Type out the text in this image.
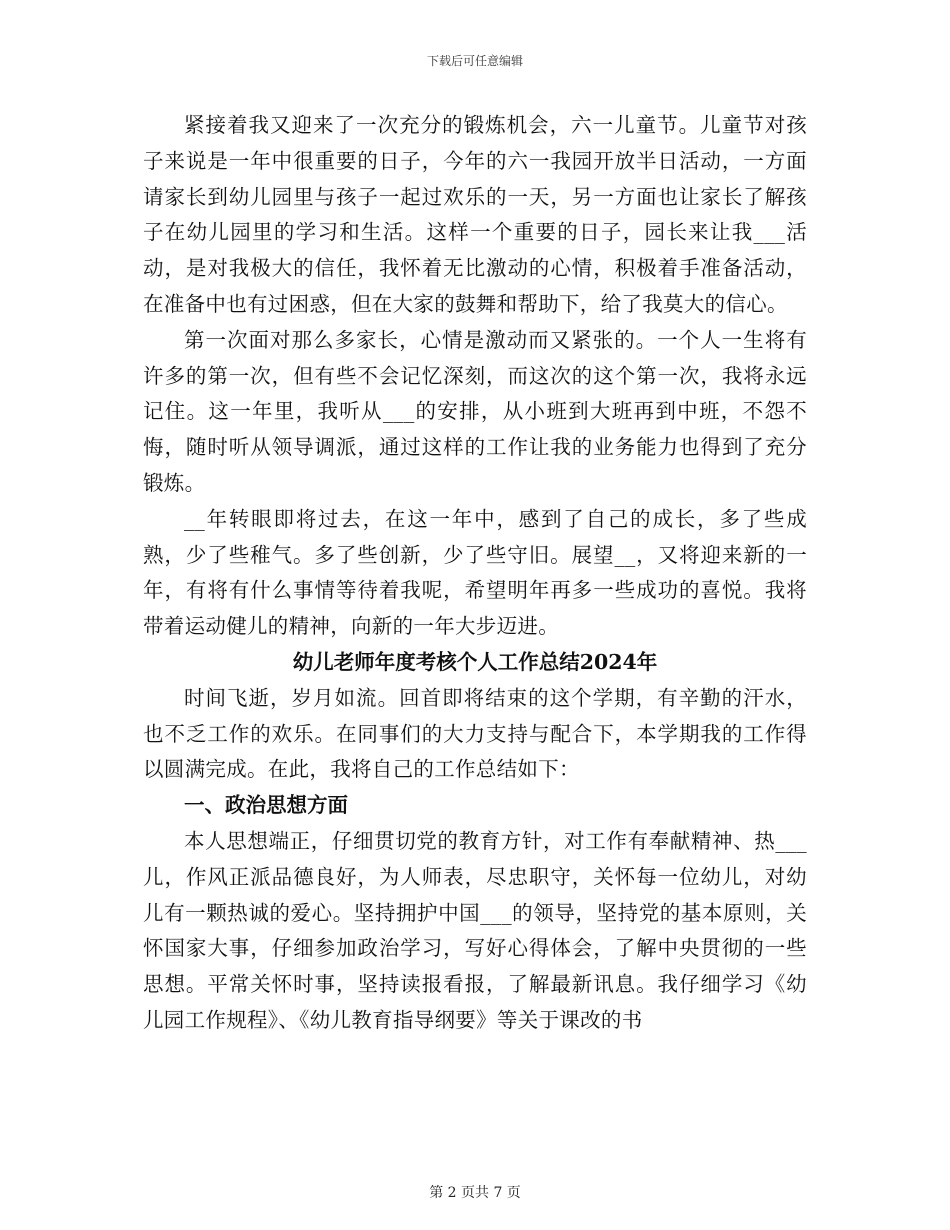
下载后可任意编辑

紧接着我又迎来了一次充分的锻炼机会，六一儿童节。儿童节对孩子来说是一年中很重要的日子，今年的六一我园开放半日活动，一方面请家长到幼儿园里与孩子一起过欢乐的一天，另一方面也让家长了解孩子在幼儿园里的学习和生活。这样一个重要的日子，园长来让我___活动，是对我极大的信任，我怀着无比激动的心情，积极着手准备活动，在准备中也有过困惑，但在大家的鼓舞和帮助下，给了我莫大的信心。

第一次面对那么多家长，心情是激动而又紧张的。一个人一生将有许多的第一次，但有些不会记忆深刻，而这次的这个第一次，我将永远记住。这一年里，我听从___的安排，从小班到大班再到中班，不怨不悔，随时听从领导调派，通过这样的工作让我的业务能力也得到了充分锻炼。

__年转眼即将过去，在这一年中，感到了自己的成长，多了些成熟，少了些稚气。多了些创新，少了些守旧。展望__，又将迎来新的一年，有将有什么事情等待着我呢，希望明年再多一些成功的喜悦。我将带着运动健儿的精神，向新的一年大步迈进。

幼儿老师年度考核个人工作总结2024年

时间飞逝，岁月如流。回首即将结束的这个学期，有辛勤的汗水，也不乏工作的欢乐。在同事们的大力支持与配合下，本学期我的工作得以圆满完成。在此，我将自己的工作总结如下：

一、政治思想方面

本人思想端正，仔细贯切党的教育方针，对工作有奉献精神、热___儿，作风正派品德良好，为人师表，尽忠职守，关怀每一位幼儿，对幼儿有一颗热诚的爱心。坚持拥护中国___的领导，坚持党的基本原则，关怀国家大事，仔细参加政治学习，写好心得体会，了解中央贯彻的一些思想。平常关怀时事，坚持读报看报，了解最新讯息。我仔细学习《幼儿园工作规程》、《幼儿教育指导纲要》等关于课改的书

第 2 页共 7 页
